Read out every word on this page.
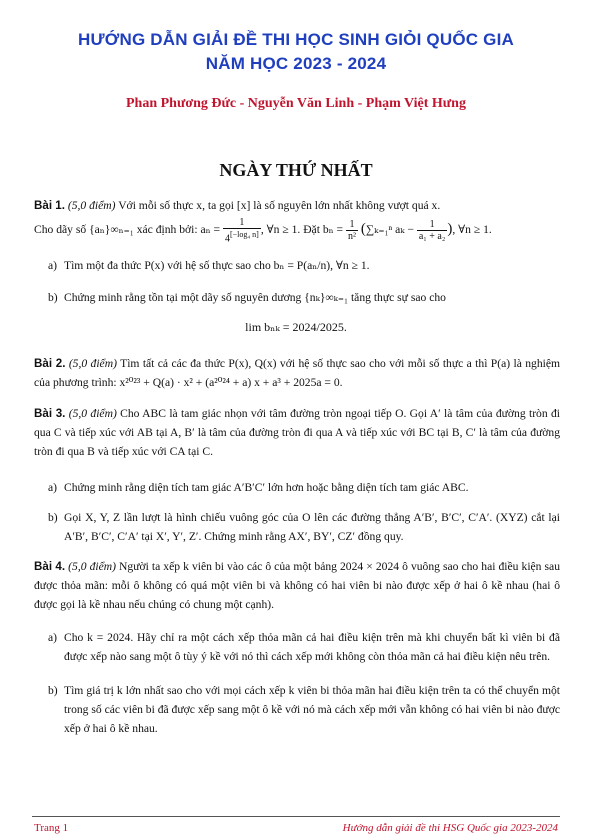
HƯỚNG DẪN GIẢI ĐỀ THI HỌC SINH GIỎI QUỐC GIA
NĂM HỌC 2023 - 2024
Phan Phương Đức - Nguyễn Văn Linh - Phạm Việt Hưng
NGÀY THỨ NHẤT
Bài 1. (5,0 điểm) Với mỗi số thực x, ta gọi [x] là số nguyên lớn nhất không vượt quá x.
Cho dãy số {aₙ}∞ₙ₌₁ xác định bởi: $a_n = \frac{1}{4^{[-log_4 n]}}$ , ∀n ≥ 1. Đặt $b_n = \frac{1}{\text{n²}} (\sum_{k=1}^n$ $a_k - \frac{1}{\text{a₁ + a₂}}$ ), ∀n ≥ 1.
a) Tìm một đa thức P(x) với hệ số thực sao cho bₙ = P(aₙ/n), ∀n ≥ 1.
b) Chứng minh rằng tồn tại một dãy số nguyên dương {nₖ}∞ₖ₌₁ tăng thực sự sao cho
lim bₙₖ = 2024/2025.
Bài 2. (5,0 điểm) Tìm tất cả các đa thức P(x), Q(x) với hệ số thực sao cho với mỗi số thực a thì P(a) là nghiệm của phương trình: x²⁰²³ + Q(a) · x² + (a²⁰²⁴ + a) x + a³ + 2025a = 0.
Bài 3. (5,0 điểm) Cho ABC là tam giác nhọn với tâm đường tròn ngoại tiếp O. Gọi A′ là tâm của đường tròn đi qua C và tiếp xúc với AB tại A, B′ là tâm của đường tròn đi qua A và tiếp xúc với BC tại B, C′ là tâm của đường tròn đi qua B và tiếp xúc với CA tại C.
a) Chứng minh rằng diện tích tam giác A′B′C′ lớn hơn hoặc bằng diện tích tam giác ABC.
b) Gọi X, Y, Z lần lượt là hình chiếu vuông góc của O lên các đường thẳng A′B′, B′C′, C′A′. (XYZ) cắt lại A′B′, B′C′, C′A′ tại X′, Y′, Z′. Chứng minh rằng AX′, BY′, CZ′ đồng quy.
Bài 4. (5,0 điểm) Người ta xếp k viên bi vào các ô của một bảng 2024 × 2024 ô vuông sao cho hai điều kiện sau được thỏa mãn: mỗi ô không có quá một viên bi và không có hai viên bi nào được xếp ở hai ô kề nhau (hai ô được gọi là kề nhau nếu chúng có chung một cạnh).
a) Cho k = 2024. Hãy chỉ ra một cách xếp thỏa mãn cả hai điều kiện trên mà khi chuyển bất kì viên bi đã được xếp nào sang một ô tùy ý kề với nó thì cách xếp mới không còn thỏa mãn cả hai điều kiện nêu trên.
b) Tìm giá trị k lớn nhất sao cho với mọi cách xếp k viên bi thỏa mãn hai điều kiện trên ta có thể chuyển một trong số các viên bi đã được xếp sang một ô kề với nó mà cách xếp mới vẫn không có hai viên bi nào được xếp ở hai ô kề nhau.
Trang 1	Hướng dẫn giải đề thi HSG Quốc gia 2023-2024
